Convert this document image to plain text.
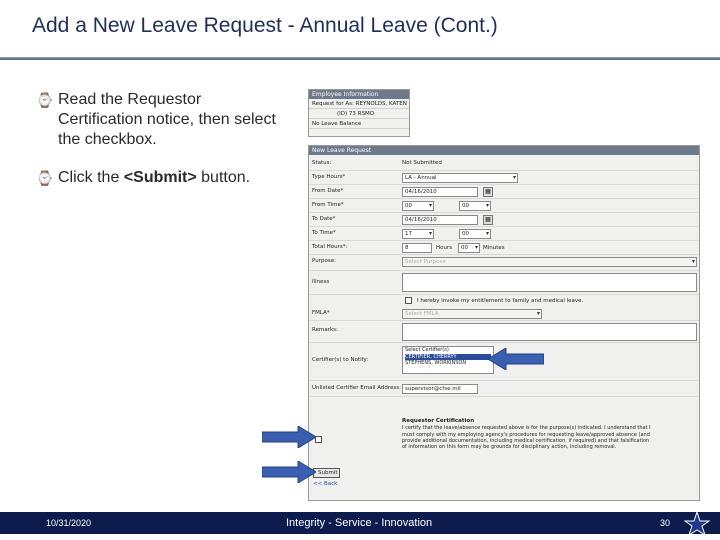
Add a New Leave Request - Annual Leave (Cont.)
⌚ Read the Requestor Certification notice, then select the checkbox.
⌚ Click the <Submit> button.
Employee Information
Request for As: REYNOLDS, KATEN
(ID) 73 RSMO
No Leave Balance
New Leave Request
Status:	Not Submitted
Type Hours*	LA - Annual ▾
From Date*	04/16/2010	▦
From Time*	00 ▾	00 ▾
To Date*	04/16/2010	▦
To Time*	17 ▾	00 ▾
Total Hours*:	8	Hours	00 ▾	Minutes
Purpose:	Select Purpose ▾
Illness
I hereby invoke my entitlement to family and medical leave.
FMLA*	Select FMLA ▾
Remarks:
Certifier(s) to Notify:
Select Certifier(s)
CERTIFIER, CHERRYY
STEPHENS, WORKINSON
Unlisted Certifier Email Address: supervisor@cfse.mil
Requestor Certification
I certify that the leave/absence requested above is for the purpose(s) indicated. I understand that I must comply with my employing agency's procedures for requesting leave/approved absence (and provide additional documentation, including medical certification, if required) and that falsification of information on this form may be grounds for disciplinary action, including removal.
Submit
<< Back
10/31/2020	Integrity - Service - Innovation	30
